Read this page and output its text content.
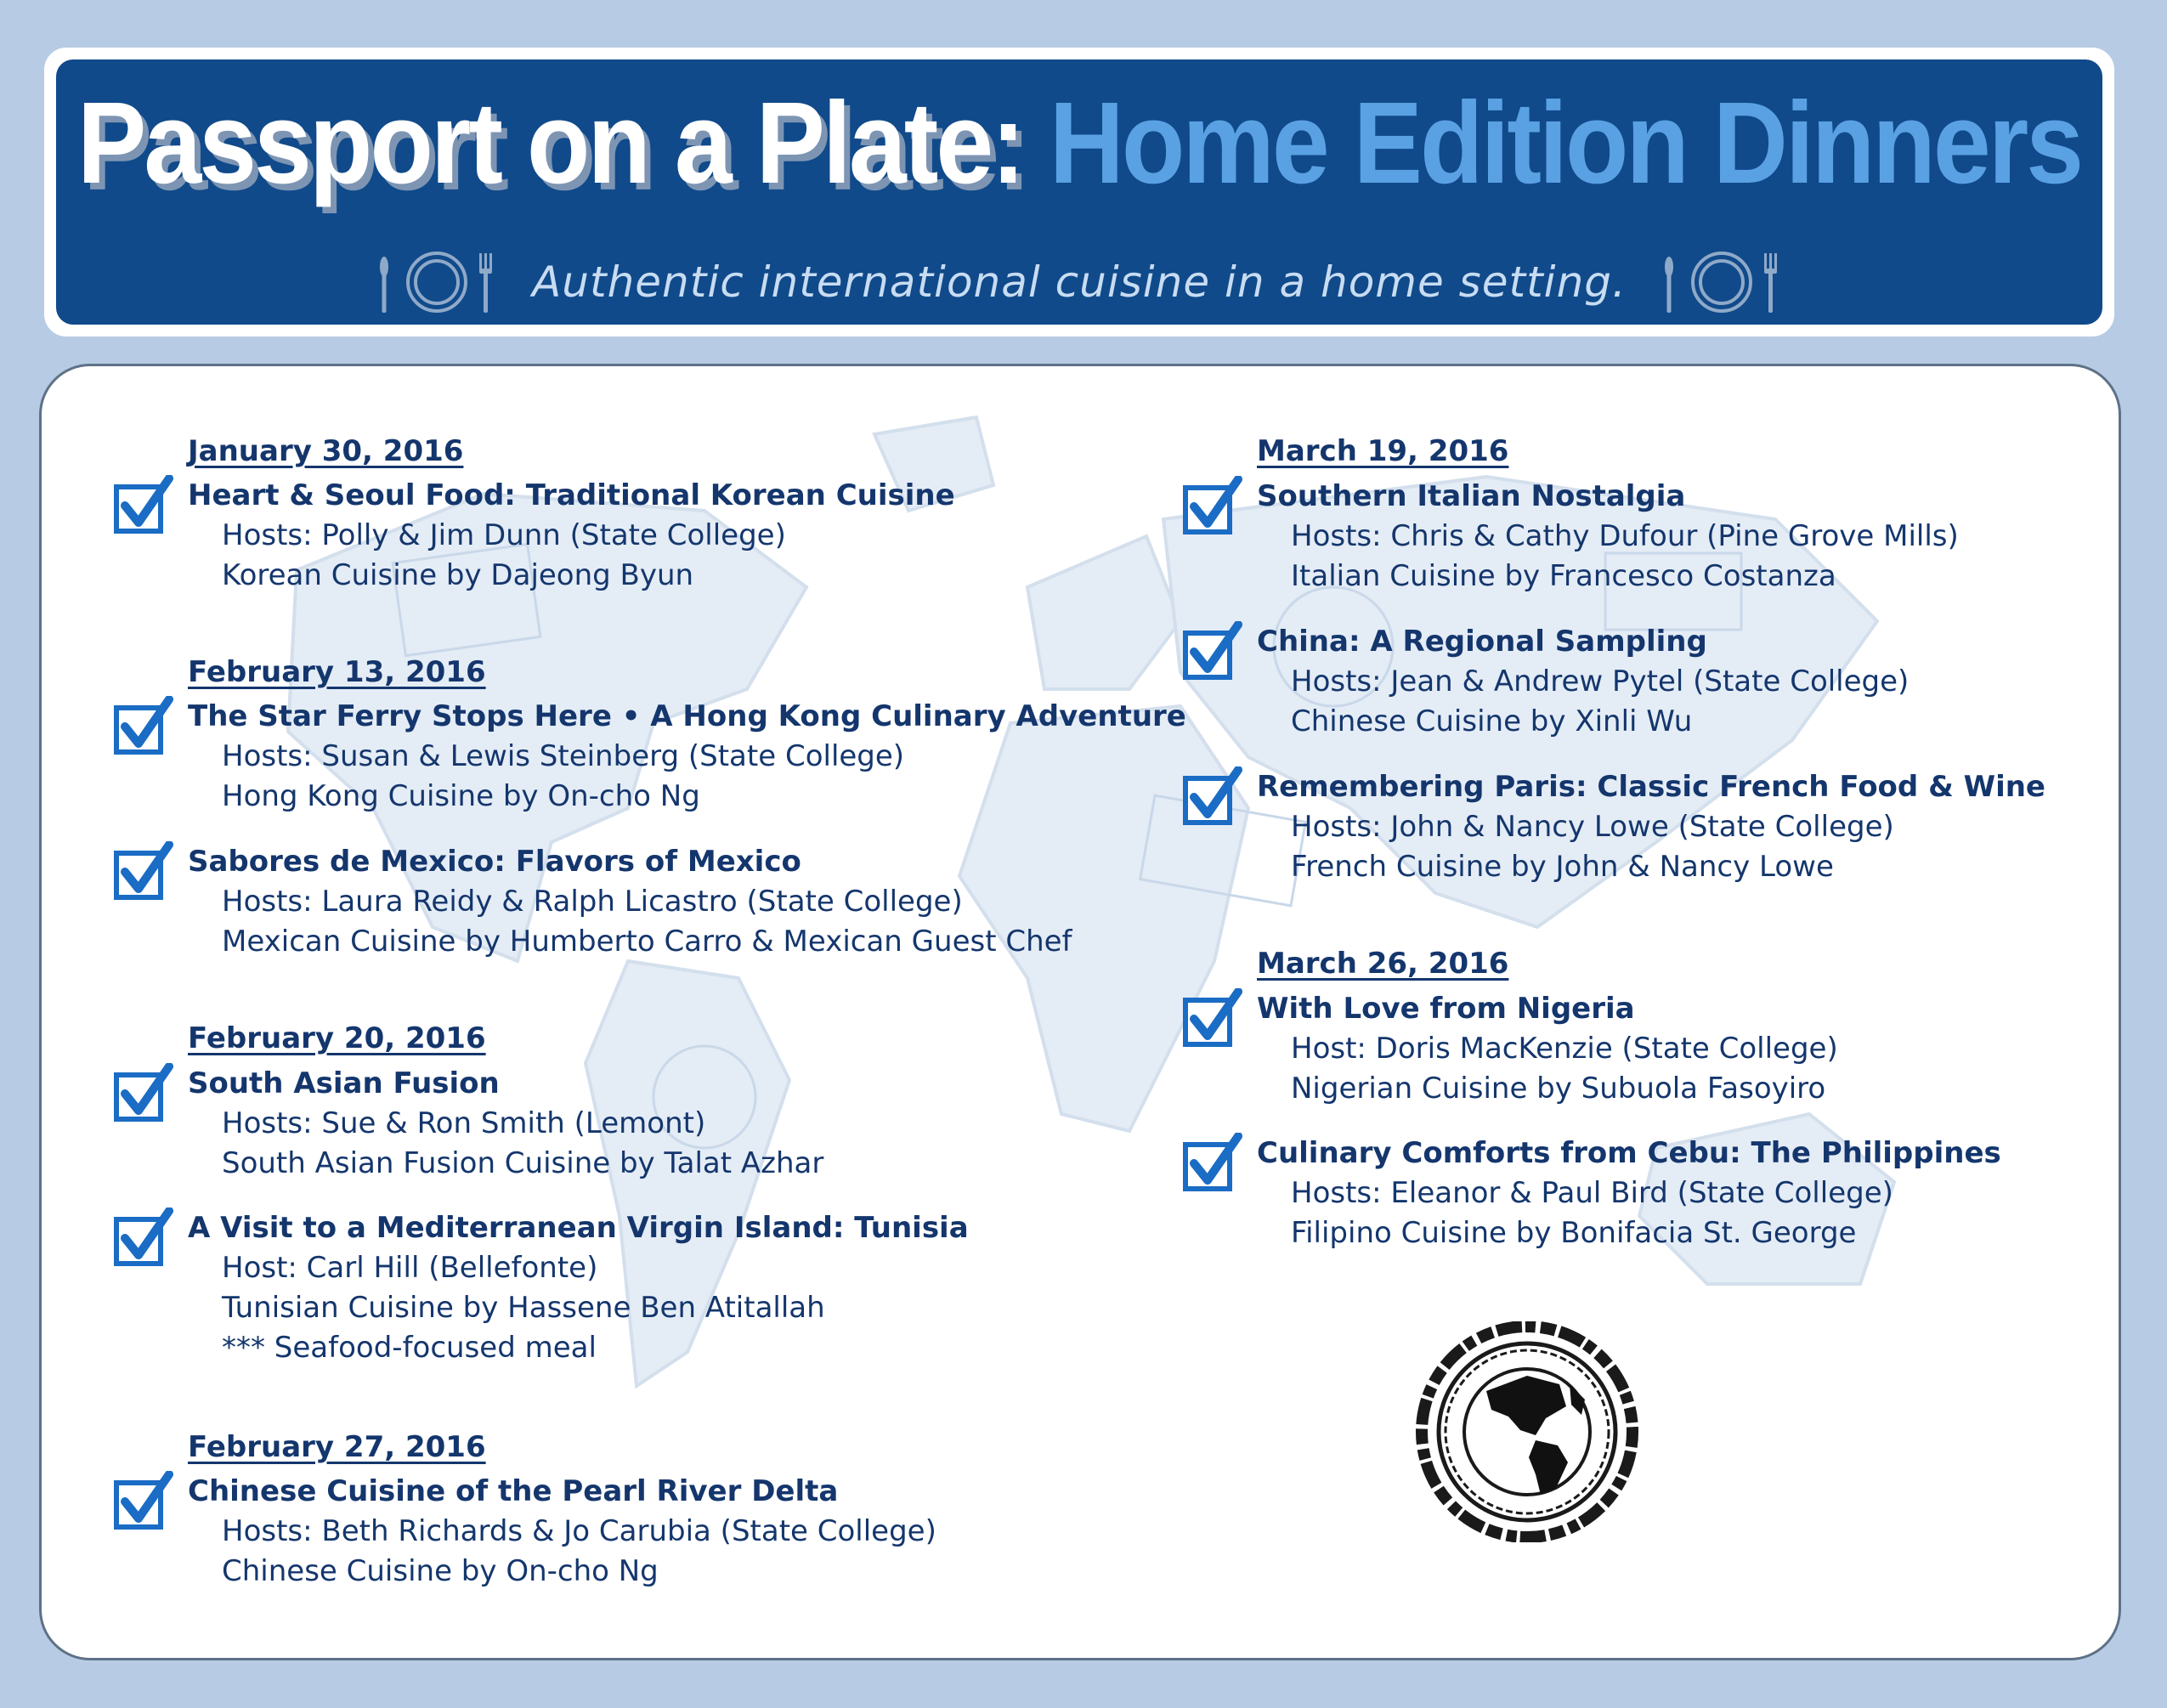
Passport on a Plate: Home Edition Dinners
Authentic international cuisine in a home setting.
January 30, 2016
Heart & Seoul Food: Traditional Korean Cuisine
Hosts: Polly & Jim Dunn (State College)
Korean Cuisine by Dajeong Byun
February 13, 2016
The Star Ferry Stops Here • A Hong Kong Culinary Adventure
Hosts: Susan & Lewis Steinberg (State College)
Hong Kong Cuisine by On-cho Ng
Sabores de Mexico: Flavors of Mexico
Hosts: Laura Reidy & Ralph Licastro (State College)
Mexican Cuisine by Humberto Carro & Mexican Guest Chef
February 20, 2016
South Asian Fusion
Hosts: Sue & Ron Smith (Lemont)
South Asian Fusion Cuisine by Talat Azhar
A Visit to a Mediterranean Virgin Island: Tunisia
Host: Carl Hill (Bellefonte)
Tunisian Cuisine by Hassene Ben Atitallah
*** Seafood-focused meal
February 27, 2016
Chinese Cuisine of the Pearl River Delta
Hosts: Beth Richards & Jo Carubia (State College)
Chinese Cuisine by On-cho Ng
March 19, 2016
Southern Italian Nostalgia
Hosts: Chris & Cathy Dufour (Pine Grove Mills)
Italian Cuisine by Francesco Costanza
China: A Regional Sampling
Hosts: Jean & Andrew Pytel (State College)
Chinese Cuisine by Xinli Wu
Remembering Paris: Classic French Food & Wine
Hosts: John & Nancy Lowe (State College)
French Cuisine by John & Nancy Lowe
March 26, 2016
With Love from Nigeria
Host: Doris MacKenzie (State College)
Nigerian Cuisine by Subuola Fasoyiro
Culinary Comforts from Cebu: The Philippines
Hosts: Eleanor & Paul Bird (State College)
Filipino Cuisine by Bonifacia St. George
